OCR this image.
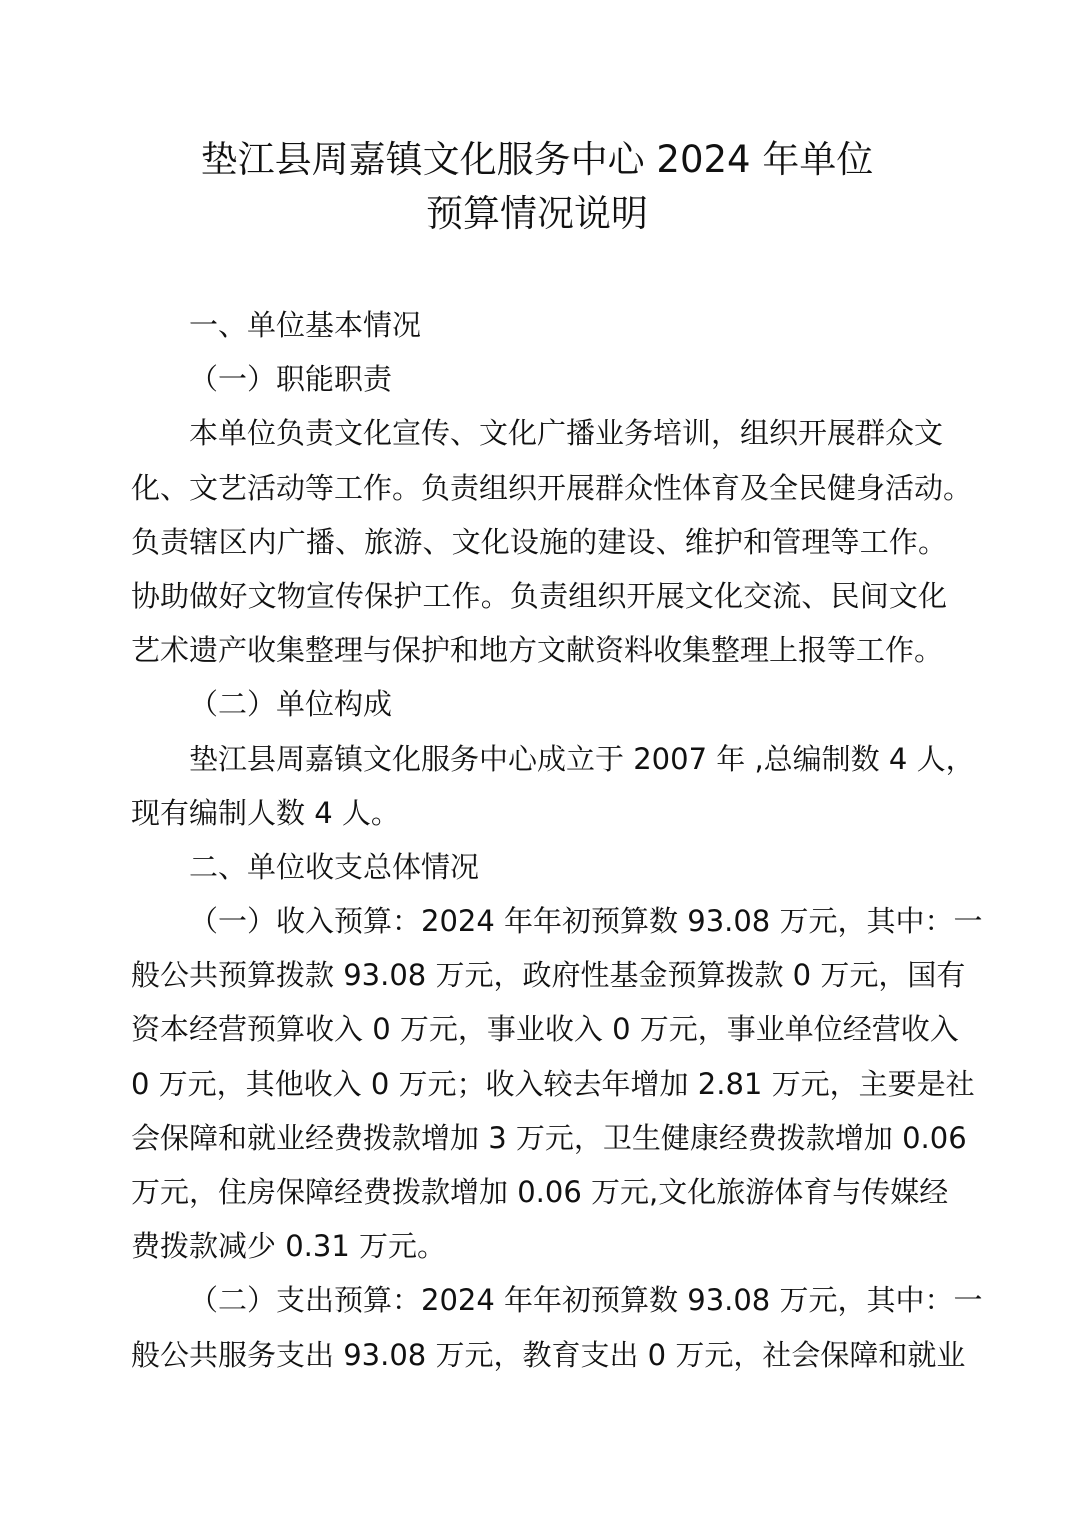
垫江县周嘉镇文化服务中心 2024 年单位
预算情况说明

一、单位基本情况

（一）职能职责

本单位负责文化宣传、文化广播业务培训，组织开展群众文

化、文艺活动等工作。负责组织开展群众性体育及全民健身活动。

负责辖区内广播、旅游、文化设施的建设、维护和管理等工作。

协助做好文物宣传保护工作。负责组织开展文化交流、民间文化

艺术遗产收集整理与保护和地方文献资料收集整理上报等工作。

（二）单位构成

垫江县周嘉镇文化服务中心成立于 2007 年 ,总编制数 4 人，

现有编制人数 4 人。

二、单位收支总体情况

（一）收入预算：2024 年年初预算数 93.08 万元，其中：一

般公共预算拨款 93.08 万元，政府性基金预算拨款 0 万元，国有

资本经营预算收入 0 万元，事业收入 0 万元，事业单位经营收入

0 万元，其他收入 0 万元；收入较去年增加 2.81 万元，主要是社

会保障和就业经费拨款增加 3 万元，卫生健康经费拨款增加 0.06

万元，住房保障经费拨款增加 0.06 万元,文化旅游体育与传媒经

费拨款减少 0.31 万元。

（二）支出预算：2024 年年初预算数 93.08 万元，其中：一

般公共服务支出 93.08 万元，教育支出 0 万元，社会保障和就业
